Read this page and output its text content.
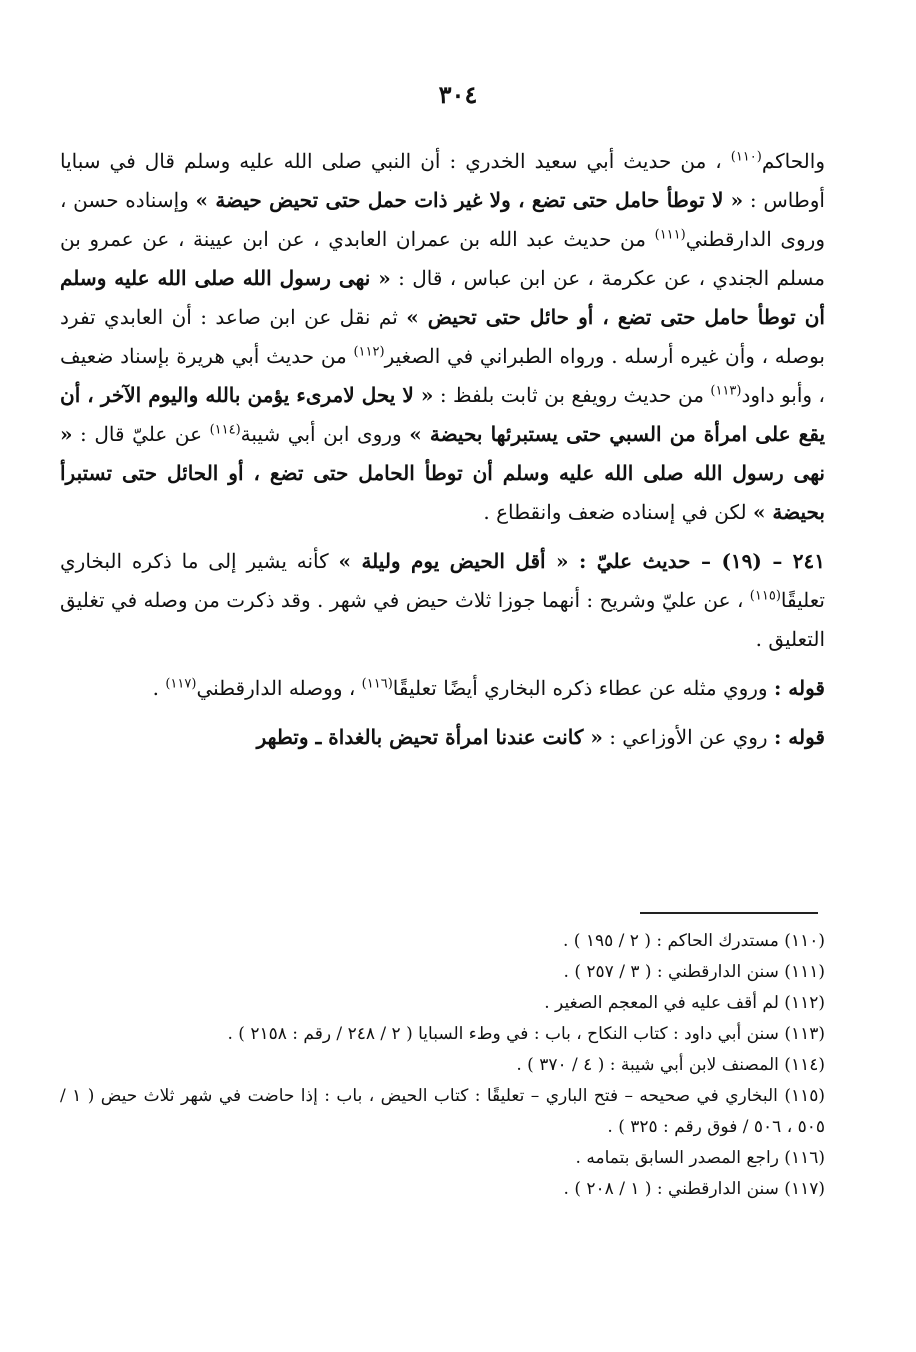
٣٠٤

والحاكم$^{(١١٠)}$ ، من حديث أبي سعيد الخدري : أن النبي صلى الله عليه وسلم قال في سبايا أوطاس : « لا توطأ حامل حتى تضع ، ولا غير ذات حمل حتى تحيض حيضة » وإسناده حسن ، وروى الدارقطني$^{(١١١)}$ من حديث عبد الله بن عمران العابدي ، عن ابن عيينة ، عن عمرو بن مسلم الجندي ، عن عكرمة ، عن ابن عباس ، قال : « نهى رسول الله صلى الله عليه وسلم أن توطأ حامل حتى تضع ، أو حائل حتى تحيض » ثم نقل عن ابن صاعد : أن العابدي تفرد بوصله ، وأن غيره أرسله . ورواه الطبراني في الصغير$^{(١١٢)}$ من حديث أبي هريرة بإسناد ضعيف ، وأبو داود$^{(١١٣)}$ من حديث رويفع بن ثابت بلفظ : « لا يحل لامرىء يؤمن بالله واليوم الآخر ، أن يقع على امرأة من السبي حتى يستبرئها بحيضة » وروى ابن أبي شيبة$^{(١١٤)}$ عن عليّ قال : « نهى رسول الله صلى الله عليه وسلم أن توطأ الحامل حتى تضع ، أو الحائل حتى تستبرأ بحيضة » لكن في إسناده ضعف وانقطاع .

٢٤١ – (١٩) – حديث عليّ : « أقل الحيض يوم وليلة » كأنه يشير إلى ما ذكره البخاري تعليقًا$^{(١١٥)}$ ، عن عليّ وشريح : أنهما جوزا ثلاث حيض في شهر . وقد ذكرت من وصله في تغليق التعليق .

قوله : وروي مثله عن عطاء ذكره البخاري أيضًا تعليقًا$^{(١١٦)}$ ، ووصله الدارقطني$^{(١١٧)}$ .

قوله : روي عن الأوزاعي : « كانت عندنا امرأة تحيض بالغداة ـ وتطهر

(١١٠) مستدرك الحاكم : ( ٢ / ١٩٥ ) .
(١١١) سنن الدارقطني : ( ٣ / ٢٥٧ ) .
(١١٢) لم أقف عليه في المعجم الصغير .
(١١٣) سنن أبي داود : كتاب النكاح ، باب : في وطء السبايا ( ٢ / ٢٤٨ / رقم : ٢١٥٨ ) .
(١١٤) المصنف لابن أبي شيبة : ( ٤ / ٣٧٠ ) .
(١١٥) البخاري في صحيحه – فتح الباري – تعليقًا : كتاب الحيض ، باب : إذا حاضت في شهر ثلاث حيض ( ١ / ٥٠٥ ، ٥٠٦ / فوق رقم : ٣٢٥ ) .
(١١٦) راجع المصدر السابق بتمامه .
(١١٧) سنن الدارقطني : ( ١ / ٢٠٨ ) .
